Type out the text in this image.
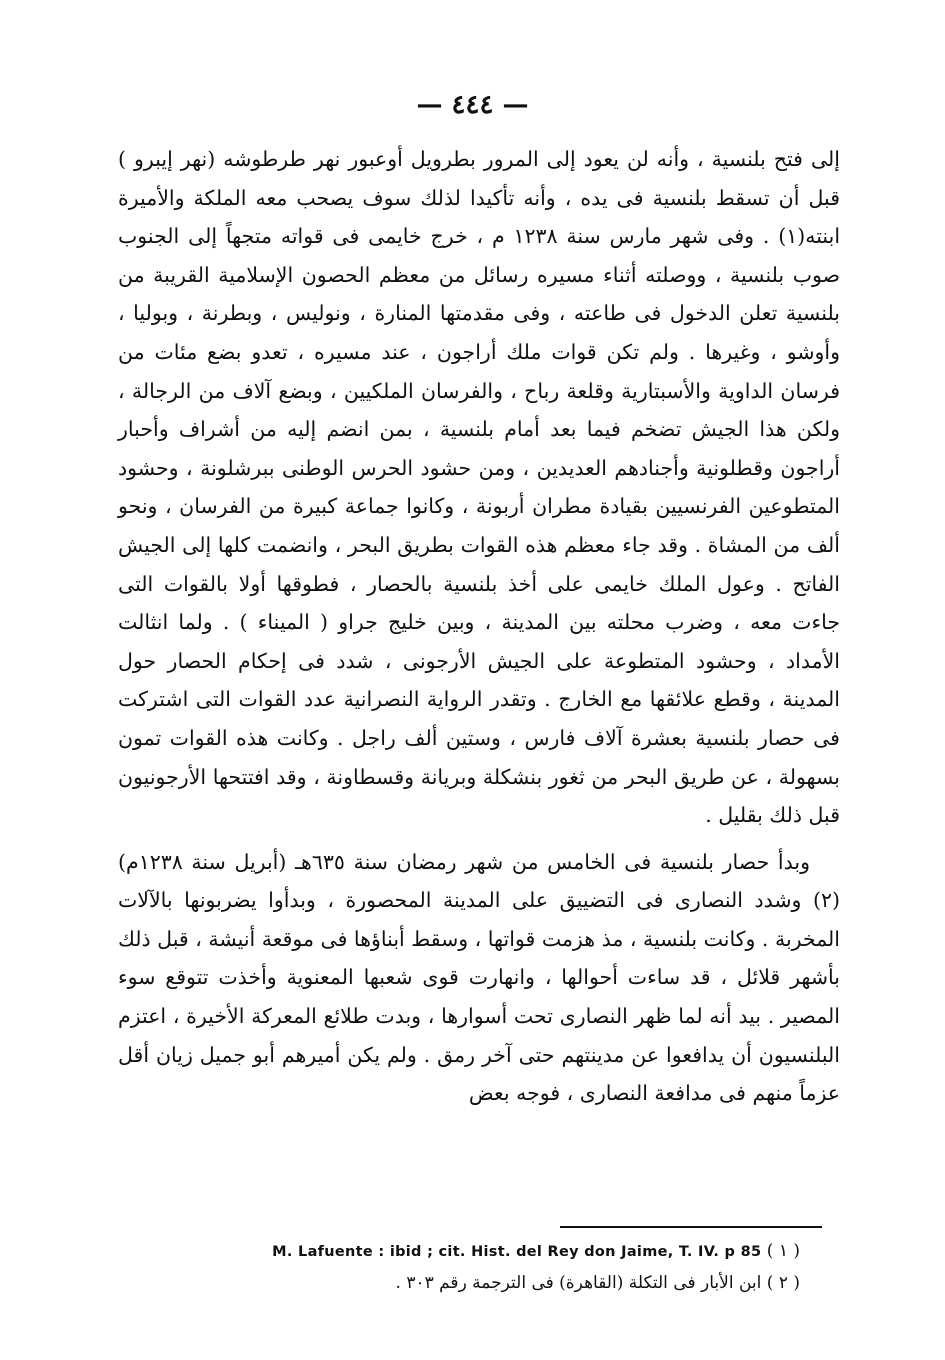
— ٤٤٤ —

إلى فتح بلنسية ، وأنه لن يعود إلى المرور بطرويل أوعبور نهر طرطوشه (نهر إيبرو ) قبل أن تسقط بلنسية فى يده ، وأنه تأكيدا لذلك سوف يصحب معه الملكة والأميرة ابنته(١) . وفى شهر مارس سنة ١٢٣٨ م ، خرج خايمى فى قواته متجهاً إلى الجنوب صوب بلنسية ، ووصلته أثناء مسيره رسائل من معظم الحصون الإسلامية القريبة من بلنسية تعلن الدخول فى طاعته ، وفى مقدمتها المنارة ، ونوليس ، وبطرنة ، وبوليا ، وأوشو ، وغيرها . ولم تكن قوات ملك أراجون ، عند مسيره ، تعدو بضع مئات من فرسان الداوية والأسبتارية وقلعة رباح ، والفرسان الملكيين ، وبضع آلاف من الرجالة ، ولكن هذا الجيش تضخم فيما بعد أمام بلنسية ، بمن انضم إليه من أشراف وأحبار أراجون وقطلونية وأجنادهم العديدين ، ومن حشود الحرس الوطنى ببرشلونة ، وحشود المتطوعين الفرنسيين بقيادة مطران أربونة ، وكانوا جماعة كبيرة من الفرسان ، ونحو ألف من المشاة . وقد جاء معظم هذه القوات بطريق البحر ، وانضمت كلها إلى الجيش الفاتح . وعول الملك خايمى على أخذ بلنسية بالحصار ، فطوقها أولا بالقوات التى جاءت معه ، وضرب محلته بين المدينة ، وبين خليج جراو ( الميناء ) . ولما انثالت الأمداد ، وحشود المتطوعة على الجيش الأرجونى ، شدد فى إحكام الحصار حول المدينة ، وقطع علائقها مع الخارج . وتقدر الرواية النصرانية عدد القوات التى اشتركت فى حصار بلنسية بعشرة آلاف فارس ، وستين ألف راجل . وكانت هذه القوات تمون بسهولة ، عن طريق البحر من ثغور بنشكلة وبريانة وقسطاونة ، وقد افتتحها الأرجونيون قبل ذلك بقليل .

وبدأ حصار بلنسية فى الخامس من شهر رمضان سنة ٦٣٥هـ (أبريل سنة ١٢٣٨م)(٢) وشدد النصارى فى التضييق على المدينة المحصورة ، وبدأوا يضربونها بالآلات المخربة . وكانت بلنسية ، مذ هزمت قواتها ، وسقط أبناؤها فى موقعة أنيشة ، قبل ذلك بأشهر قلائل ، قد ساءت أحوالها ، وانهارت قوى شعبها المعنوية وأخذت تتوقع سوء المصير . بيد أنه لما ظهر النصارى تحت أسوارها ، وبدت طلائع المعركة الأخيرة ، اعتزم البلنسيون أن يدافعوا عن مدينتهم حتى آخر رمق . ولم يكن أميرهم أبو جميل زيان أقل عزماً منهم فى مدافعة النصارى ، فوجه بعض

( ١ ) M. Lafuente : ibid ; cit. Hist. del Rey don Jaime, T. IV. p 85

( ٢ ) ابن الأبار فى التكلة (القاهرة) فى الترجمة رقم ٣٠٣ .
